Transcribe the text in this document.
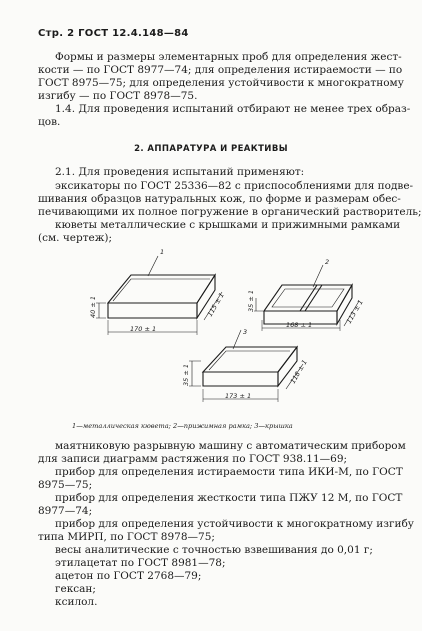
Стр. 2 ГОСТ 12.4.148—84
Формы и размеры элементарных проб для определения жест-
кости — по ГОСТ 8977—74; для определения истираемости — по
ГОСТ 8975—75; для определения устойчивости к многократному
изгибу — по ГОСТ 8978—75.
1.4. Для проведения испытаний отбирают не менее трех образ-
цов.
2. АППАРАТУРА И РЕАКТИВЫ
2.1. Для проведения испытаний применяют:
эксикаторы по ГОСТ 25336—82 с приспособлениями для подве-
шивания образцов натуральных кож, по форме и размерам обес-
печивающими их полное погружение в органический растворитель;
кюветы металлические с крышками и прижимными рамками
(см. чертеж);
1
170 ± 1
40 ± 1	115 ± 1
2
35 ± 1
168 ± 1	113 ± 1
3
35 ± 1
173 ± 1
118 ± 1
1—металлическая кювета; 2—прижимная рамка; 3—крышка
маятниковую разрывную машину с автоматическим прибором
для записи диаграмм растяжения по ГОСТ 938.11—69;
прибор для определения истираемости типа ИКИ-М, по ГОСТ
8975—75;
прибор для определения жесткости типа ПЖУ 12 М, по ГОСТ
8977—74;
прибор для определения устойчивости к многократному изгибу
типа МИРП, по ГОСТ 8978—75;
весы аналитические с точностью взвешивания до 0,01 г;
этилацетат по ГОСТ 8981—78;
ацетон по ГОСТ 2768—79;
гексан;
ксилол.
